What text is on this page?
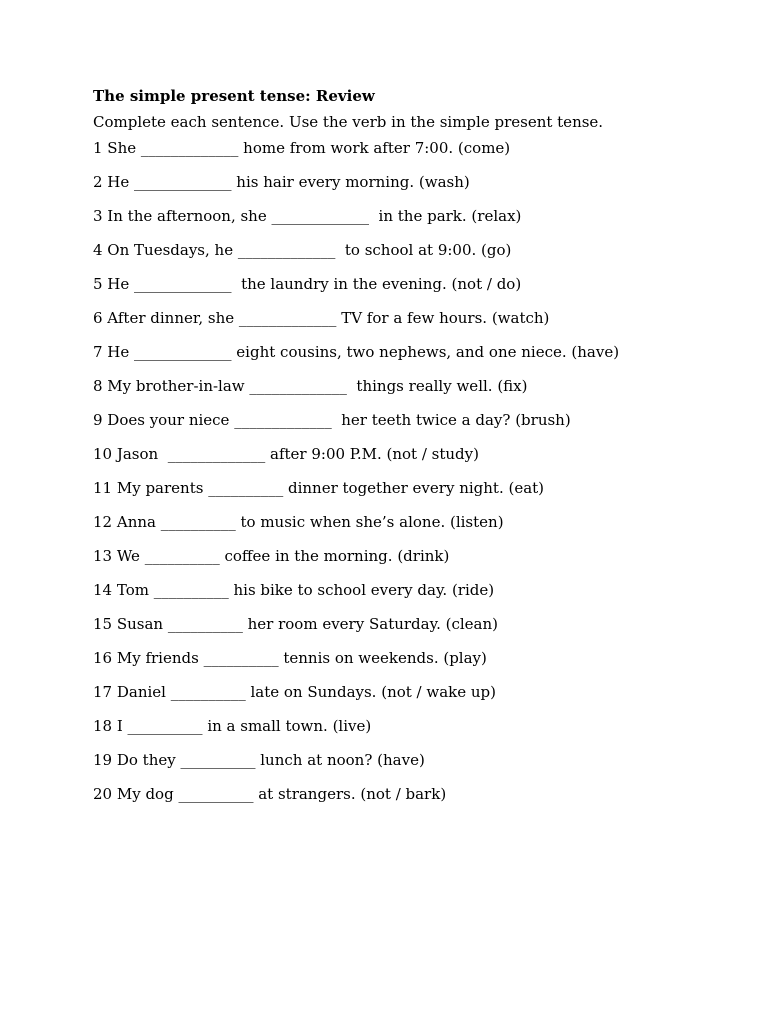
The simple present tense: Review
Complete each sentence. Use the verb in the simple present tense.
1 She _____________ home from work after 7:00. (come)
2 He _____________ his hair every morning. (wash)
3 In the afternoon, she _____________  in the park. (relax)
4 On Tuesdays, he _____________  to school at 9:00. (go)
5 He _____________  the laundry in the evening. (not / do)
6 After dinner, she _____________ TV for a few hours. (watch)
7 He _____________ eight cousins, two nephews, and one niece. (have)
8 My brother-in-law _____________  things really well. (fix)
9 Does your niece _____________  her teeth twice a day? (brush)
10 Jason  _____________ after 9:00 P.M. (not / study)
11 My parents __________ dinner together every night. (eat)
12 Anna __________ to music when she’s alone. (listen)
13 We __________ coffee in the morning. (drink)
14 Tom __________ his bike to school every day. (ride)
15 Susan __________ her room every Saturday. (clean)
16 My friends __________ tennis on weekends. (play)
17 Daniel __________ late on Sundays. (not / wake up)
18 I __________ in a small town. (live)
19 Do they __________ lunch at noon? (have)
20 My dog __________ at strangers. (not / bark)
